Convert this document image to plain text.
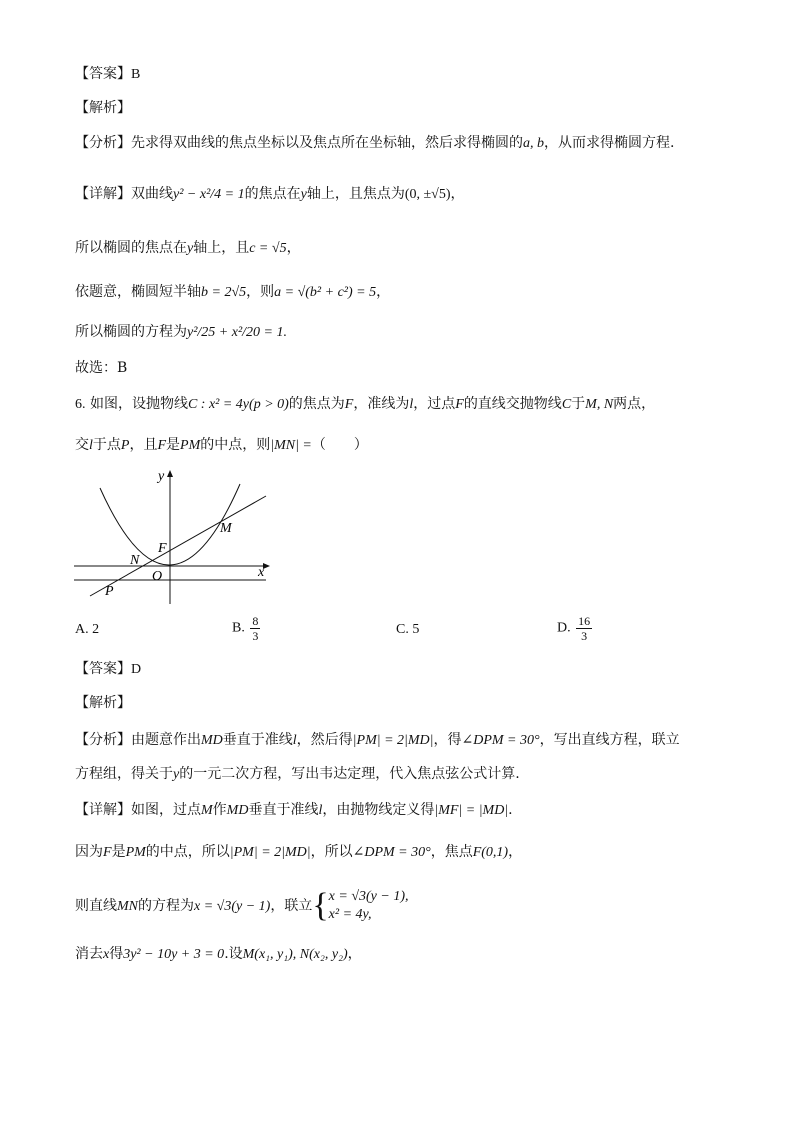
【答案】B
【解析】
【分析】先求得双曲线的焦点坐标以及焦点所在坐标轴，然后求得椭圆的a, b，从而求得椭圆方程.
【详解】双曲线y² − x²/4 = 1的焦点在y轴上，且焦点为(0, ±√5)，
所以椭圆的焦点在y轴上，且c = √5，
依题意，椭圆短半轴b = 2√5，则a = √(b² + c²) = 5，
所以椭圆的方程为y²/25 + x²/20 = 1.
故选：B
6. 如图，设抛物线C : x² = 4y(p > 0)的焦点为F，准线为l，过点F的直线交抛物线C于M, N两点，
交l于点P，且F是PM的中点，则|MN| =（　　）
y
x
F
M
N
O
P
A. 2	B. $\frac{8}{3}$	C. 5	D. $\frac{16}{3}$
【答案】D
【解析】
【分析】由题意作出MD垂直于准线l，然后得|PM| = 2|MD|，得∠DPM = 30°，写出直线方程，联立
方程组，得关于y的一元二次方程，写出韦达定理，代入焦点弦公式计算.
【详解】如图，过点M作MD垂直于准线l，由抛物线定义得|MF| = |MD|.
因为F是PM的中点，所以|PM| = 2|MD|，所以∠DPM = 30°，焦点F(0,1)，
则直线MN的方程为x = √3(y − 1)，联立{ x = √3(y − 1),
x² = 4y,
消去x得3y² − 10y + 3 = 0.设M(x₁, y₁), N(x₂, y₂)，
